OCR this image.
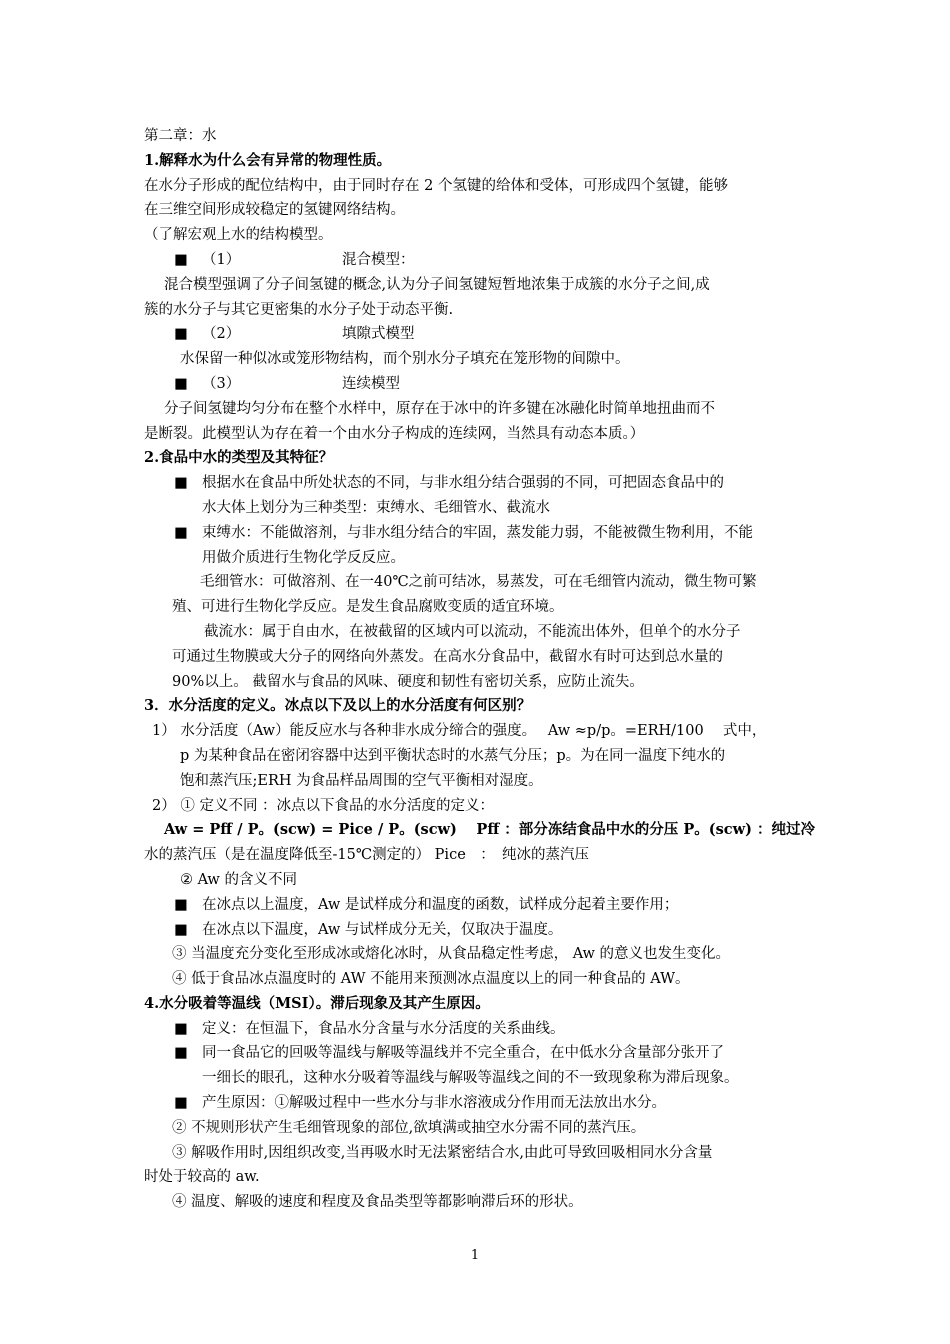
第二章：水
1.解释水为什么会有异常的物理性质。
在水分子形成的配位结构中，由于同时存在 2 个氢键的给体和受体，可形成四个氢键，能够
在三维空间形成较稳定的氢键网络结构。
（了解宏观上水的结构模型。
■ （1）	混合模型：
混合模型强调了分子间氢键的概念,认为分子间氢键短暂地浓集于成簇的水分子之间,成
簇的水分子与其它更密集的水分子处于动态平衡.
■ （2）	填隙式模型
水保留一种似冰或笼形物结构，而个别水分子填充在笼形物的间隙中。
■ （3）	连续模型
分子间氢键均匀分布在整个水样中，原存在于冰中的许多键在冰融化时简单地扭曲而不
是断裂。此模型认为存在着一个由水分子构成的连续网，当然具有动态本质。）
2.食品中水的类型及其特征？
■ 根据水在食品中所处状态的不同，与非水组分结合强弱的不同，可把固态食品中的
水大体上划分为三种类型：束缚水、毛细管水、截流水
■ 束缚水：不能做溶剂，与非水组分结合的牢固，蒸发能力弱，不能被微生物利用，不能
用做介质进行生物化学反反应。
毛细管水：可做溶剂、在一40℃之前可结冰，易蒸发，可在毛细管内流动，微生物可繁
殖、可进行生物化学反应。是发生食品腐败变质的适宜环境。
截流水：属于自由水，在被截留的区域内可以流动，不能流出体外，但单个的水分子
可通过生物膜或大分子的网络向外蒸发。在高水分食品中，截留水有时可达到总水量的
90%以上。 截留水与食品的风味、硬度和韧性有密切关系，应防止流失。
3．水分活度的定义。冰点以下及以上的水分活度有何区别？
1） 水分活度（Aw）能反应水与各种非水成分缔合的强度。　 Aw ≈p/p。=ERH/100　 式中，
p 为某种食品在密闭容器中达到平衡状态时的水蒸气分压；p。为在同一温度下纯水的
饱和蒸汽压;ERH 为食品样品周围的空气平衡相对湿度。
2） ① 定义不同 ：冰点以下食品的水分活度的定义：
Aw = Pff / P。(scw) = Pice / P。(scw)　 Pff ：部分冻结食品中水的分压 P。(scw) ：纯过冷
水的蒸汽压（是在温度降低至-15℃测定的） Pice　：　纯冰的蒸汽压
② Aw 的含义不同
■ 在冰点以上温度，Aw 是试样成分和温度的函数，试样成分起着主要作用；
■ 在冰点以下温度，Aw 与试样成分无关，仅取决于温度。
③ 当温度充分变化至形成冰或熔化冰时，从食品稳定性考虑， Aw 的意义也发生变化。
④ 低于食品冰点温度时的 AW 不能用来预测冰点温度以上的同一种食品的 AW。
4.水分吸着等温线（MSI）。滞后现象及其产生原因。
■ 定义：在恒温下，食品水分含量与水分活度的关系曲线。
■ 同一食品它的回吸等温线与解吸等温线并不完全重合，在中低水分含量部分张开了
一细长的眼孔，这种水分吸着等温线与解吸等温线之间的不一致现象称为滞后现象。
■ 产生原因：①解吸过程中一些水分与非水溶液成分作用而无法放出水分。
② 不规则形状产生毛细管现象的部位,欲填满或抽空水分需不同的蒸汽压。
③ 解吸作用时,因组织改变,当再吸水时无法紧密结合水,由此可导致回吸相同水分含量
时处于较高的 aw.
④ 温度、解吸的速度和程度及食品类型等都影响滞后环的形状。
1
